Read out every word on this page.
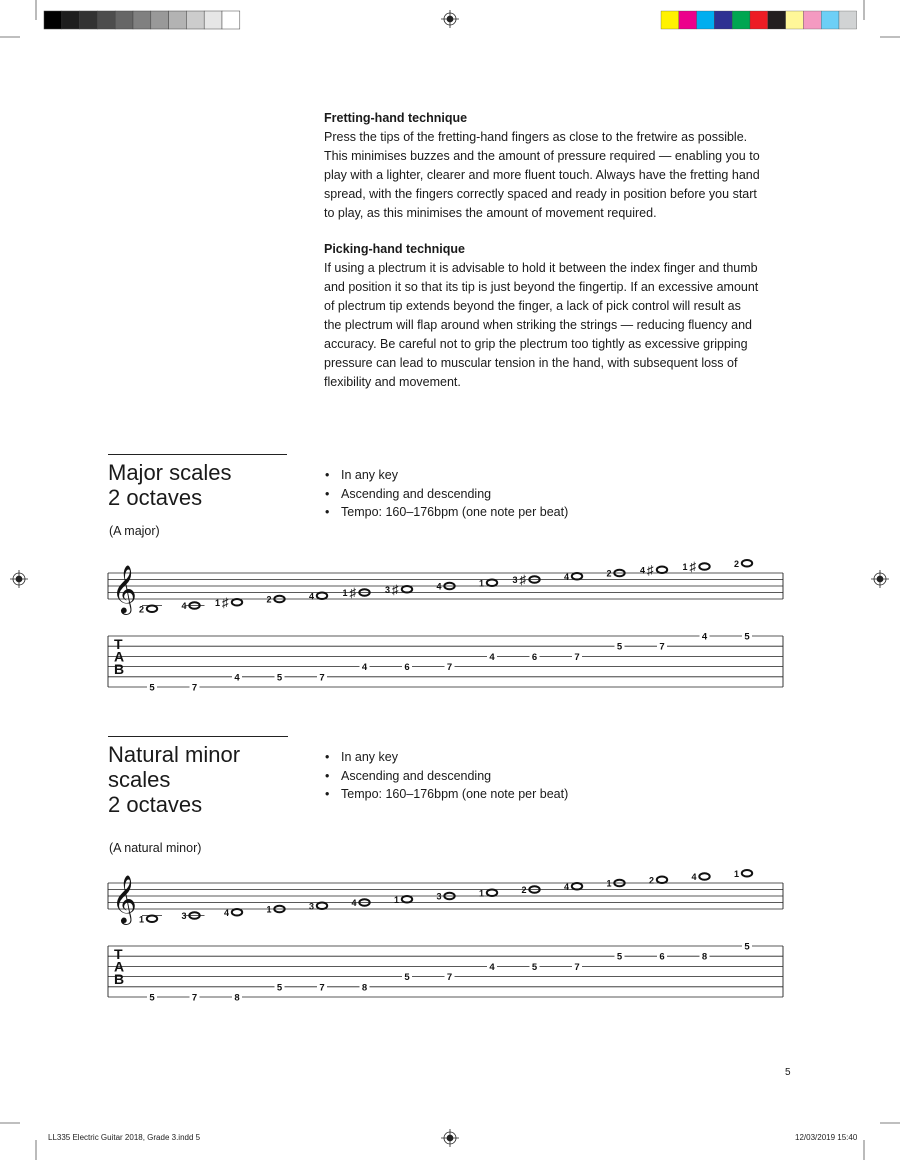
Fretting-hand technique
Press the tips of the fretting-hand fingers as close to the fretwire as possible.
This minimises buzzes and the amount of pressure required — enabling you to
play with a lighter, clearer and more fluent touch. Always have the fretting hand
spread, with the fingers correctly spaced and ready in position before you start
to play, as this minimises the amount of movement required.
Picking-hand technique
If using a plectrum it is advisable to hold it between the index finger and thumb
and position it so that its tip is just beyond the fingertip. If an excessive amount
of plectrum tip extends beyond the finger, a lack of pick control will result as
the plectrum will flap around when striking the strings — reducing fluency and
accuracy. Be careful not to grip the plectrum too tightly as excessive gripping
pressure can lead to muscular tension in the hand, with subsequent loss of
flexibility and movement.
Major scales
2 octaves
• In any key
• Ascending and descending
• Tempo: 160–176bpm (one note per beat)
(A major)
𝄞
T
A
B
2
5
4
7
♯
1
4
2
5
4
7
♯
1
4
♯
3
6
4
7
1
4
♯
3
6
4
7
2
5
♯
4
7
♯
1
4
2
5
Natural minor
scales
2 octaves
• In any key
• Ascending and descending
• Tempo: 160–176bpm (one note per beat)
(A natural minor)
𝄞
T
A
B
1
5
3
7
4
8
1
5
3
7
4
8
1
5
3
7
1
4
2
5
4
7
1
5
2
6
4
8
1
5
5
LL335 Electric Guitar 2018, Grade 3.indd 5	12/03/2019 15:40
